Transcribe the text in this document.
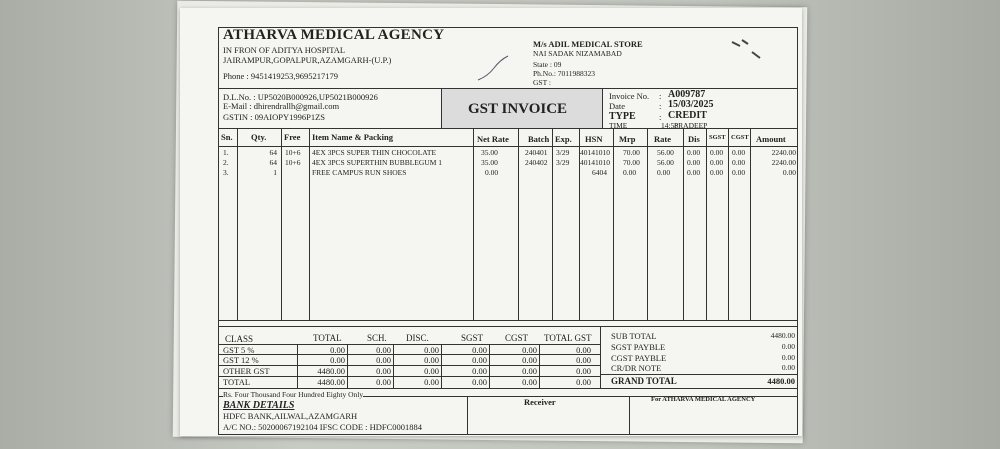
ATHARVA MEDICAL AGENCY
IN FRON OF ADITYA HOSPITAL
JAIRAMPUR,GOPALPUR,AZAMGARH-(U.P.)
Phone : 9451419253,9695217179
M/s ADIL MEDICAL STORE
NAI SADAK NIZAMABAD
State : 09
Ph.No.: 7011988323
GST :
D.L.No. : UP5020B000926,UP5021B000926
E-Mail : dhirendrallh@gmail.com
GSTIN : 09AIOPY1996P1ZS	GST INVOICE
Invoice No. : A009787
Date	: 15/03/2025
TYPE	: CREDIT
TIME	14:58
PRADEEP
Sn. Qty. Free Item Name & Packing	Net Rate Batch Exp. HSN Mrp Rate Dis SGST CGST Amount
1.	64 10+6 4EX 3PCS SUPER THIN CHOCOLATE	35.00	240401 3/29 40141010 70.00 56.00 0.00 0.00 0.00	2240.00
2.	64 10+6 4EX 3PCS SUPERTHIN BUBBLEGUM 1	35.00	240402 3/29 40141010 70.00 56.00 0.00 0.00 0.00	2240.00
3.	1	FREE CAMPUS RUN SHOES	0.00	6404 0.00	0.00 0.00 0.00 0.00	0.00
CLASS	TOTAL	SCH. DISC.	SGST CGST TOTAL GST
GST 5 %	0.00	0.00	0.00	0.00	0.00	0.00
GST 12 %	0.00	0.00	0.00	0.00	0.00	0.00
OTHER GST	4480.00	0.00	0.00	0.00	0.00	0.00
TOTAL	4480.00	0.00	0.00	0.00	0.00	0.00
SUB TOTAL	4480.00
SGST PAYBLE	0.00
CGST PAYBLE	0.00
CR/DR NOTE	0.00
GRAND TOTAL	4480.00
Rs. Four Thousand Four Hundred Eighty Only
BANK DETAILS
HDFC BANK,AILWAL,AZAMGARH
A/C NO.: 50200067192104 IFSC CODE : HDFC0001884
Receiver	For ATHARVA MEDICAL AGENCY
